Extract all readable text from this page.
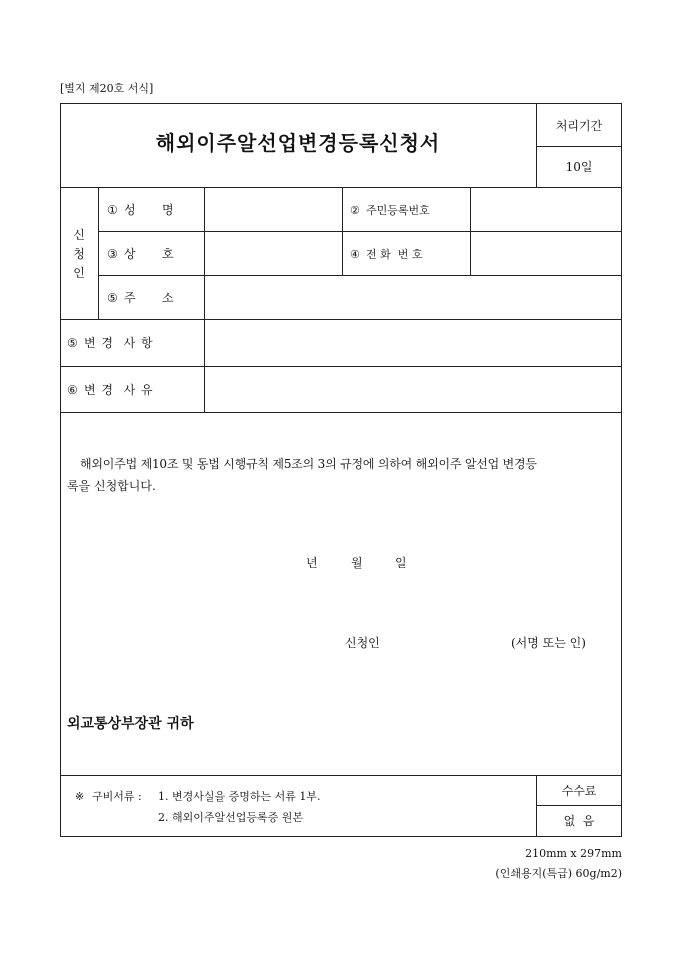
[별지 제20호 서식]
해외이주알선업변경등록신청서
처리기간
10일
신
청
인
① 성 명	② 주민등록번호
③ 상 호	④ 전 화  번 호
⑤ 주 소
⑤ 변 경  사 항
⑥ 변 경  사 유
해외이주법 제10조 및 동법 시행규칙 제5조의 3의 규정에 의하여 해외이주 알선업 변경등
록을 신청합니다.
년	월	일
신청인	(서명 또는 인)
외교통상부장관 귀하
※ 구비서류 : 1. 변경사실을 증명하는 서류 1부.
2. 해외이주알선업등록증 원본
수수료
없  음
210mm x 297mm
(인쇄용지(특급) 60g/m2)
